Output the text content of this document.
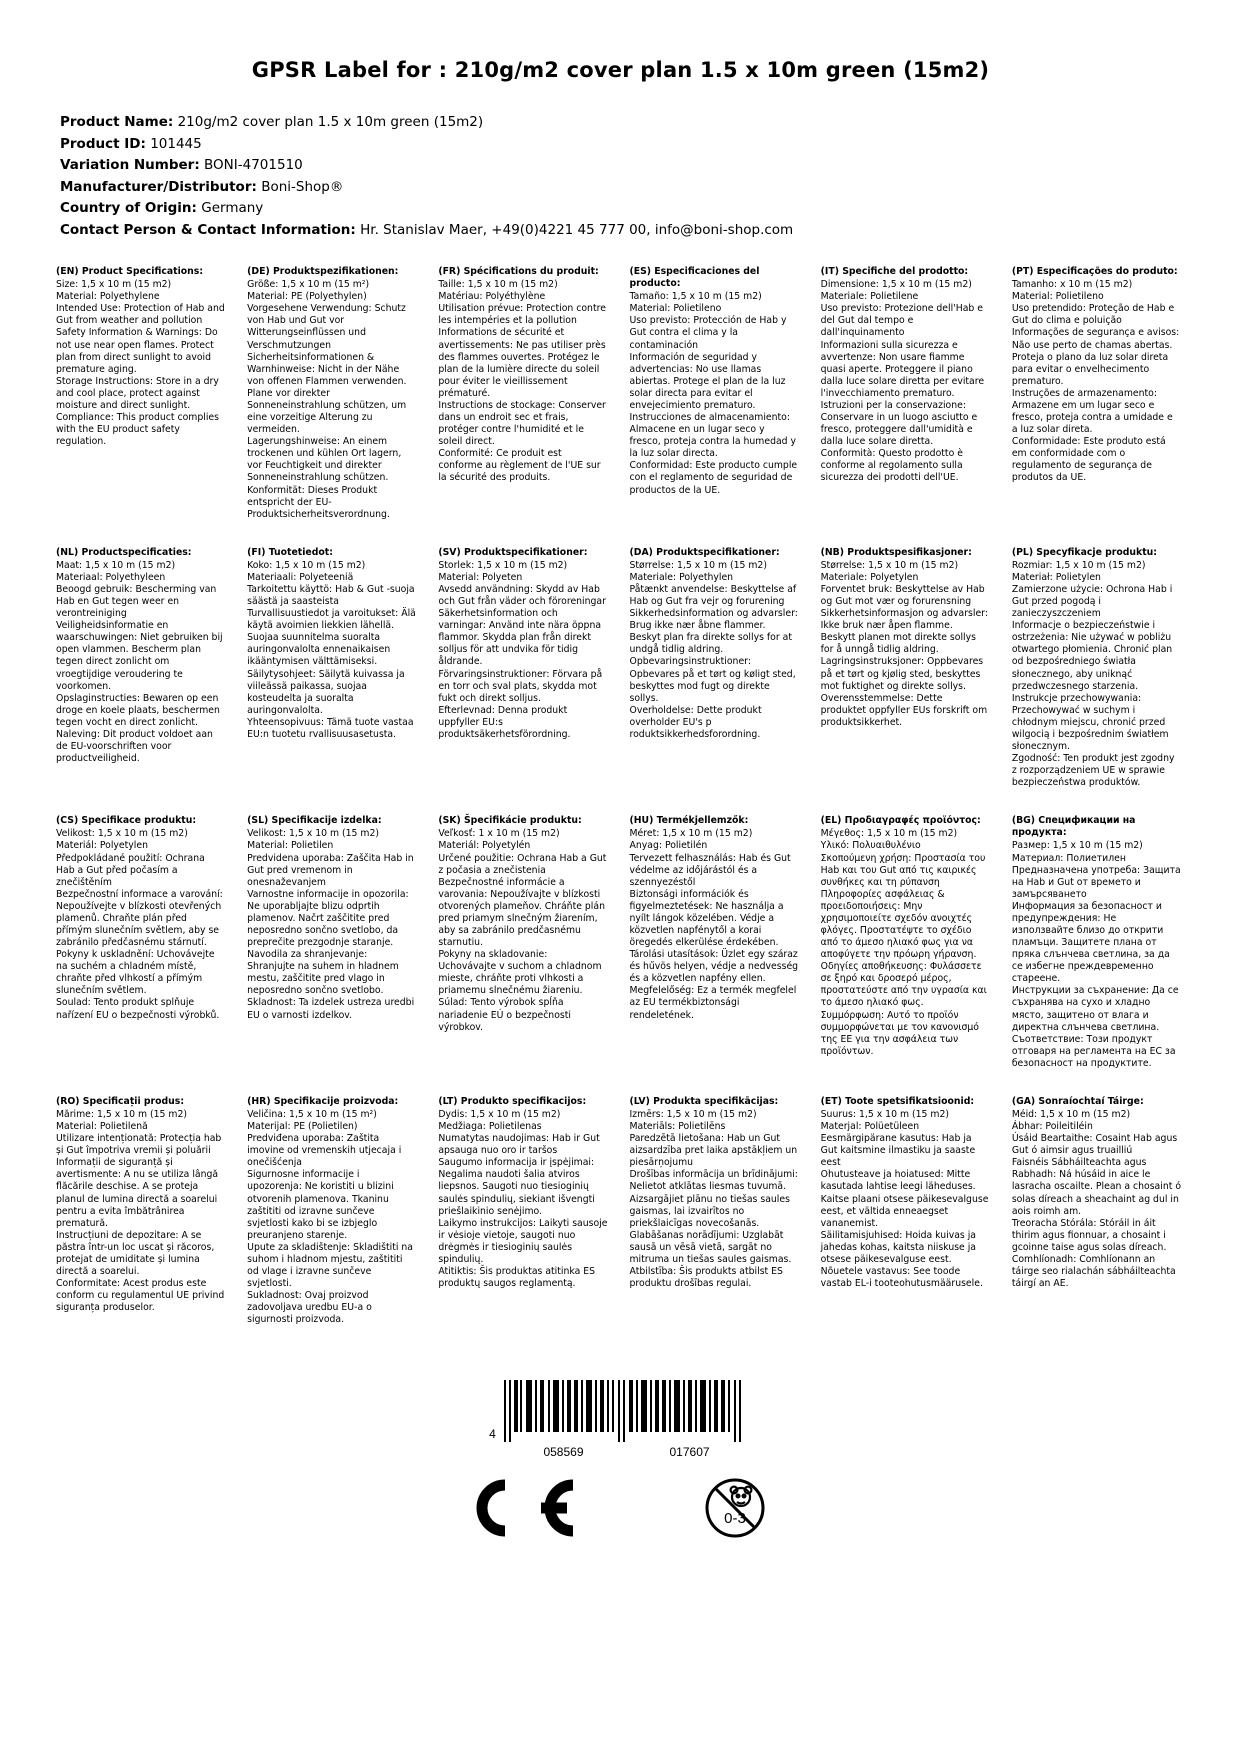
GPSR Label for : 210g/m2 cover plan 1.5 x 10m green (15m2)
Product Name: 210g/m2 cover plan 1.5 x 10m green (15m2)
Product ID: 101445
Variation Number: BONI-4701510
Manufacturer/Distributor: Boni-Shop®
Country of Origin: Germany
Contact Person & Contact Information: Hr. Stanislav Maer, +49(0)4221 45 777 00, info@boni-shop.com
(EN) Product Specifications:
Size: 1,5 x 10 m (15 m2)
Material: Polyethylene
Intended Use: Protection of Hab and Gut from weather and pollution
Safety Information & Warnings: Do not use near open flames. Protect plan from direct sunlight to avoid premature aging.
Storage Instructions: Store in a dry and cool place, protect against moisture and direct sunlight.
Compliance: This product complies with the EU product safety regulation.
(DE) Produktspezifikationen:
Größe: 1,5 x 10 m (15 m²)
Material: PE (Polyethylen)
Vorgesehene Verwendung: Schutz von Hab und Gut vor Witterungseinflüssen und Verschmutzungen
Sicherheitsinformationen & Warnhinweise: Nicht in der Nähe von offenen Flammen verwenden. Plane vor direkter Sonneneinstrahlung schützen, um eine vorzeitige Alterung zu vermeiden.
Lagerungshinweise: An einem trockenen und kühlen Ort lagern, vor Feuchtigkeit und direkter Sonneneinstrahlung schützen.
Konformität: Dieses Produkt entspricht der EU-Produktsicherheitsverordnung.
(FR) Spécifications du produit:
Taille: 1,5 x 10 m (15 m2)
Matériau: Polyéthylène
Utilisation prévue: Protection contre les intempéries et la pollution
Informations de sécurité et avertissements: Ne pas utiliser près des flammes ouvertes. Protégez le plan de la lumière directe du soleil pour éviter le vieillissement prématuré.
Instructions de stockage: Conserver dans un endroit sec et frais, protéger contre l'humidité et le soleil direct.
Conformité: Ce produit est conforme au règlement de l'UE sur la sécurité des produits.
(ES) Especificaciones del producto:
Tamaño: 1,5 x 10 m (15 m2)
Material: Polietileno
Uso previsto: Protección de Hab y Gut contra el clima y la contaminación
Información de seguridad y advertencias: No use llamas abiertas. Protege el plan de la luz solar directa para evitar el envejecimiento prematuro.
Instrucciones de almacenamiento: Almacene en un lugar seco y fresco, proteja contra la humedad y la luz solar directa.
Conformidad: Este producto cumple con el reglamento de seguridad de productos de la UE.
(IT) Specifiche del prodotto:
Dimensione: 1,5 x 10 m (15 m2)
Materiale: Polietilene
Uso previsto: Protezione dell'Hab e del Gut dal tempo e dall'inquinamento
Informazioni sulla sicurezza e avvertenze: Non usare fiamme quasi aperte. Proteggere il piano dalla luce solare diretta per evitare l'invecchiamento prematuro.
Istruzioni per la conservazione: Conservare in un luogo asciutto e fresco, proteggere dall'umidità e dalla luce solare diretta.
Conformità: Questo prodotto è conforme al regolamento sulla sicurezza dei prodotti dell'UE.
(PT) Especificações do produto:
Tamanho: x 10 m (15 m2)
Material: Polietileno
Uso pretendido: Proteção de Hab e Gut do clima e poluição
Informações de segurança e avisos: Não use perto de chamas abertas. Proteja o plano da luz solar direta para evitar o envelhecimento prematuro.
Instruções de armazenamento: Armazene em um lugar seco e fresco, proteja contra a umidade e a luz solar direta.
Conformidade: Este produto está em conformidade com o regulamento de segurança de produtos da UE.
(NL) Productspecificaties:
Maat: 1,5 x 10 m (15 m2)
Materiaal: Polyethyleen
Beoogd gebruik: Bescherming van Hab en Gut tegen weer en verontreiniging
Veiligheidsinformatie en waarschuwingen: Niet gebruiken bij open vlammen. Bescherm plan tegen direct zonlicht om vroegtijdige veroudering te voorkomen.
Opslaginstructies: Bewaren op een droge en koele plaats, beschermen tegen vocht en direct zonlicht.
Naleving: Dit product voldoet aan de EU-voorschriften voor productveiligheid.
(FI) Tuotetiedot:
Koko: 1,5 x 10 m (15 m2)
Materiaali: Polyeteeniä
Tarkoitettu käyttö: Hab & Gut -suoja säästä ja saasteista
Turvallisuustiedot ja varoitukset: Älä käytä avoimien liekkien lähellä. Suojaa suunnitelma suoralta auringonvalolta ennenaikaisen ikääntymisen välttämiseksi.
Säilytysohjeet: Säilytä kuivassa ja viileässä paikassa, suojaa kosteudelta ja suoralta auringonvalolta.
Yhteensopivuus: Tämä tuote vastaa EU:n tuotetu rvallisuusasetusta.
(SV) Produktspecifikationer:
Storlek: 1,5 x 10 m (15 m2)
Material: Polyeten
Avsedd användning: Skydd av Hab och Gut från väder och föroreningar
Säkerhetsinformation och varningar: Använd inte nära öppna flammor. Skydda plan från direkt solljus för att undvika för tidig åldrande.
Förvaringsinstruktioner: Förvara på en torr och sval plats, skydda mot fukt och direkt solljus.
Efterlevnad: Denna produkt uppfyller EU:s produktsäkerhetsförordning.
(DA) Produktspecifikationer:
Størrelse: 1,5 x 10 m (15 m2)
Materiale: Polyethylen
Påtænkt anvendelse: Beskyttelse af Hab og Gut fra vejr og forurening
Sikkerhedsinformation og advarsler: Brug ikke nær åbne flammer. Beskyt plan fra direkte sollys for at undgå tidlig aldring.
Opbevaringsinstruktioner: Opbevares på et tørt og køligt sted, beskyttes mod fugt og direkte sollys.
Overholdelse: Dette produkt overholder EU's p roduktsikkerhedsforordning.
(NB) Produktspesifikasjoner:
Størrelse: 1,5 x 10 m (15 m2)
Materiale: Polyetylen
Forventet bruk: Beskyttelse av Hab og Gut mot vær og forurensning
Sikkerhetsinformasjon og advarsler: Ikke bruk nær åpen flamme. Beskytt planen mot direkte sollys for å unngå tidlig aldring.
Lagringsinstruksjoner: Oppbevares på et tørt og kjølig sted, beskyttes mot fuktighet og direkte sollys.
Overensstemmelse: Dette produktet oppfyller EUs forskrift om produktsikkerhet.
(PL) Specyfikacje produktu:
Rozmiar: 1,5 x 10 m (15 m2)
Materiał: Polietylen
Zamierzone użycie: Ochrona Hab i Gut przed pogodą i zanieczyszczeniem
Informacje o bezpieczeństwie i ostrzeżenia: Nie używać w pobliżu otwartego płomienia. Chronić plan od bezpośredniego światła słonecznego, aby uniknąć przedwczesnego starzenia.
Instrukcje przechowywania: Przechowywać w suchym i chłodnym miejscu, chronić przed wilgocią i bezpośrednim światłem słonecznym.
Zgodność: Ten produkt jest zgodny z rozporządzeniem UE w sprawie bezpieczeństwa produktów.
(CS) Specifikace produktu:
Velikost: 1,5 x 10 m (15 m2)
Materiál: Polyetylen
Předpokládané použití: Ochrana Hab a Gut před počasím a znečištěním
Bezpečnostní informace a varování: Nepoužívejte v blízkosti otevřených plamenů. Chraňte plán před přímým slunečním světlem, aby se zabránilo předčasnému stárnutí.
Pokyny k uskladnění: Uchovávejte na suchém a chladném místě, chraňte před vlhkostí a přímým slunečním světlem.
Soulad: Tento produkt splňuje nařízení EU o bezpečnosti výrobků.
(SL) Specifikacije izdelka:
Velikost: 1,5 x 10 m (15 m2)
Material: Polietilen
Predvidena uporaba: Zaščita Hab in Gut pred vremenom in onesnaževanjem
Varnostne informacije in opozorila: Ne uporabljajte blizu odprtih plamenov. Načrt zaščitite pred neposredno sončno svetlobo, da preprečite prezgodnje staranje.
Navodila za shranjevanje: Shranjujte na suhem in hladnem mestu, zaščitite pred vlago in neposredno sončno svetlobo.
Skladnost: Ta izdelek ustreza uredbi EU o varnosti izdelkov.
(SK) Špecifikácie produktu:
Veľkosť: 1 x 10 m (15 m2)
Materiál: Polyetylén
Určené použitie: Ochrana Hab a Gut z počasia a znečistenia
Bezpečnostné informácie a varovania: Nepoužívajte v blízkosti otvorených plameňov. Chráňte plán pred priamym slnečným žiarením, aby sa zabránilo predčasnému starnutiu.
Pokyny na skladovanie: Uchovávajte v suchom a chladnom mieste, chráňte proti vlhkosti a priamemu slnečnému žiareniu.
Súlad: Tento výrobok spĺňa nariadenie EÚ o bezpečnosti výrobkov.
(HU) Termékjellemzők:
Méret: 1,5 x 10 m (15 m2)
Anyag: Polietilén
Tervezett felhasználás: Hab és Gut védelme az időjárástól és a szennyezéstől
Biztonsági információk és figyelmeztetések: Ne használja a nyílt lángok közelében. Védje a közvetlen napfénytől a korai öregedés elkerülése érdekében.
Tárolási utasítások: Üzlet egy száraz és hűvös helyen, védje a nedvesség és a közvetlen napfény ellen.
Megfelelőség: Ez a termék megfelel az EU termékbiztonsági rendeletének.
(EL) Προδιαγραφές προϊόντος:
Μέγεθος: 1,5 x 10 m (15 m2)
Υλικό: Πολυαιθυλένιο
Σκοπούμενη χρήση: Προστασία του Hab και του Gut από τις καιρικές συνθήκες και τη ρύπανση
Πληροφορίες ασφάλειας & προειδοποιήσεις: Μην χρησιμοποιείτε σχεδόν ανοιχτές φλόγες. Προστατέψτε το σχέδιο από το άμεσο ηλιακό φως για να αποφύγετε την πρόωρη γήρανση.
Οδηγίες αποθήκευσης: Φυλάσσετε σε ξηρό και δροσερό μέρος, προστατεύστε από την υγρασία και το άμεσο ηλιακό φως.
Συμμόρφωση: Αυτό το προϊόν συμμορφώνεται με τον κανονισμό της ΕΕ για την ασφάλεια των προϊόντων.
(BG) Спецификации на продукта:
Размер: 1,5 x 10 m (15 m2)
Материал: Полиетилен
Предназначена употреба: Защита на Hab и Gut от времето и замърсяването
Информация за безопасност и предупреждения: Не използвайте близо до открити пламъци. Защитете плана от пряка слънчева светлина, за да се избегне преждевременно стареене.
Инструкции за съхранение: Да се съхранява на сухо и хладно място, защитено от влага и директна слънчева светлина.
Съответствие: Този продукт отговаря на регламента на ЕС за безопасност на продуктите.
(RO) Specificații produs:
Mărime: 1,5 x 10 m (15 m2)
Material: Polietilenă
Utilizare intenționată: Protecția hab și Gut împotriva vremii și poluării
Informații de siguranță și avertismente: A nu se utiliza lângă flăcările deschise. A se proteja planul de lumina directă a soarelui pentru a evita îmbătrânirea prematură.
Instrucțiuni de depozitare: A se păstra într-un loc uscat și răcoros, protejat de umiditate și lumina directă a soarelui.
Conformitate: Acest produs este conform cu regulamentul UE privind siguranța produselor.
(HR) Specifikacije proizvoda:
Veličina: 1,5 x 10 m (15 m²)
Materijal: PE (Polietilen)
Predviđena uporaba: Zaštita imovine od vremenskih utjecaja i onečišćenja
Sigurnosne informacije i upozorenja: Ne koristiti u blizini otvorenih plamenova. Tkaninu zaštititi od izravne sunčeve svjetlosti kako bi se izbjeglo preuranjeno starenje.
Upute za skladištenje: Skladištiti na suhom i hladnom mjestu, zaštititi od vlage i izravne sunčeve svjetlosti.
Sukladnost: Ovaj proizvod zadovoljava uredbu EU-a o sigurnosti proizvoda.
(LT) Produkto specifikacijos:
Dydis: 1,5 x 10 m (15 m2)
Medžiaga: Polietilenas
Numatytas naudojimas: Hab ir Gut apsauga nuo oro ir taršos
Saugumo informacija ir įspėjimai: Negalima naudoti šalia atviros liepsnos. Saugoti nuo tiesioginių saulės spindulių, siekiant išvengti priešlaikinio senėjimo.
Laikymo instrukcijos: Laikyti sausoje ir vėsioje vietoje, saugoti nuo drėgmės ir tiesioginių saulės spindulių.
Atitiktis: Šis produktas atitinka ES produktų saugos reglamentą.
(LV) Produkta specifikācijas:
Izmērs: 1,5 x 10 m (15 m2)
Materiāls: Polietilēns
Paredzētā lietošana: Hab un Gut aizsardzība pret laika apstākļiem un piesārņojumu
Drošības informācija un brīdinājumi: Nelietot atklātas liesmas tuvumā. Aizsargājiet plānu no tiešas saules gaismas, lai izvairītos no priekšlaicīgas novecošanās.
Glabāšanas norādījumi: Uzglabāt sausā un vēsā vietā, sargāt no mitruma un tiešas saules gaismas.
Atbilstība: Šis produkts atbilst ES produktu drošības regulai.
(ET) Toote spetsifikatsioonid:
Suurus: 1,5 x 10 m (15 m2)
Materjal: Polüetüleen
Eesmärgipärane kasutus: Hab ja Gut kaitsmine ilmastiku ja saaste eest
Ohutusteave ja hoiatused: Mitte kasutada lahtise leegi läheduses. Kaitse plaani otsese päikesevalguse eest, et vältida enneaegset vananemist.
Säilitamisjuhised: Hoida kuivas ja jahedas kohas, kaitsta niiskuse ja otsese päikesevalguse eest.
Nõuetele vastavus: See toode vastab EL-i tooteohutusmäärusele.
(GA) Sonraíochtaí Táirge:
Méid: 1,5 x 10 m (15 m2)
Ábhar: Poileitiléin
Úsáid Beartaithe: Cosaint Hab agus Gut ó aimsir agus truailliú
Faisnéis Sábháilteachta agus Rabhadh: Ná húsáid in aice le lasracha oscailte. Plean a chosaint ó solas díreach a sheachaint ag dul in aois roimh am.
Treoracha Stórála: Stóráil in áit thirim agus fionnuar, a chosaint i gcoinne taise agus solas díreach.
Comhlíonadh: Comhlíonann an táirge seo rialachán sábháilteachta táirgí an AE.
4
058569	017607
0-3
